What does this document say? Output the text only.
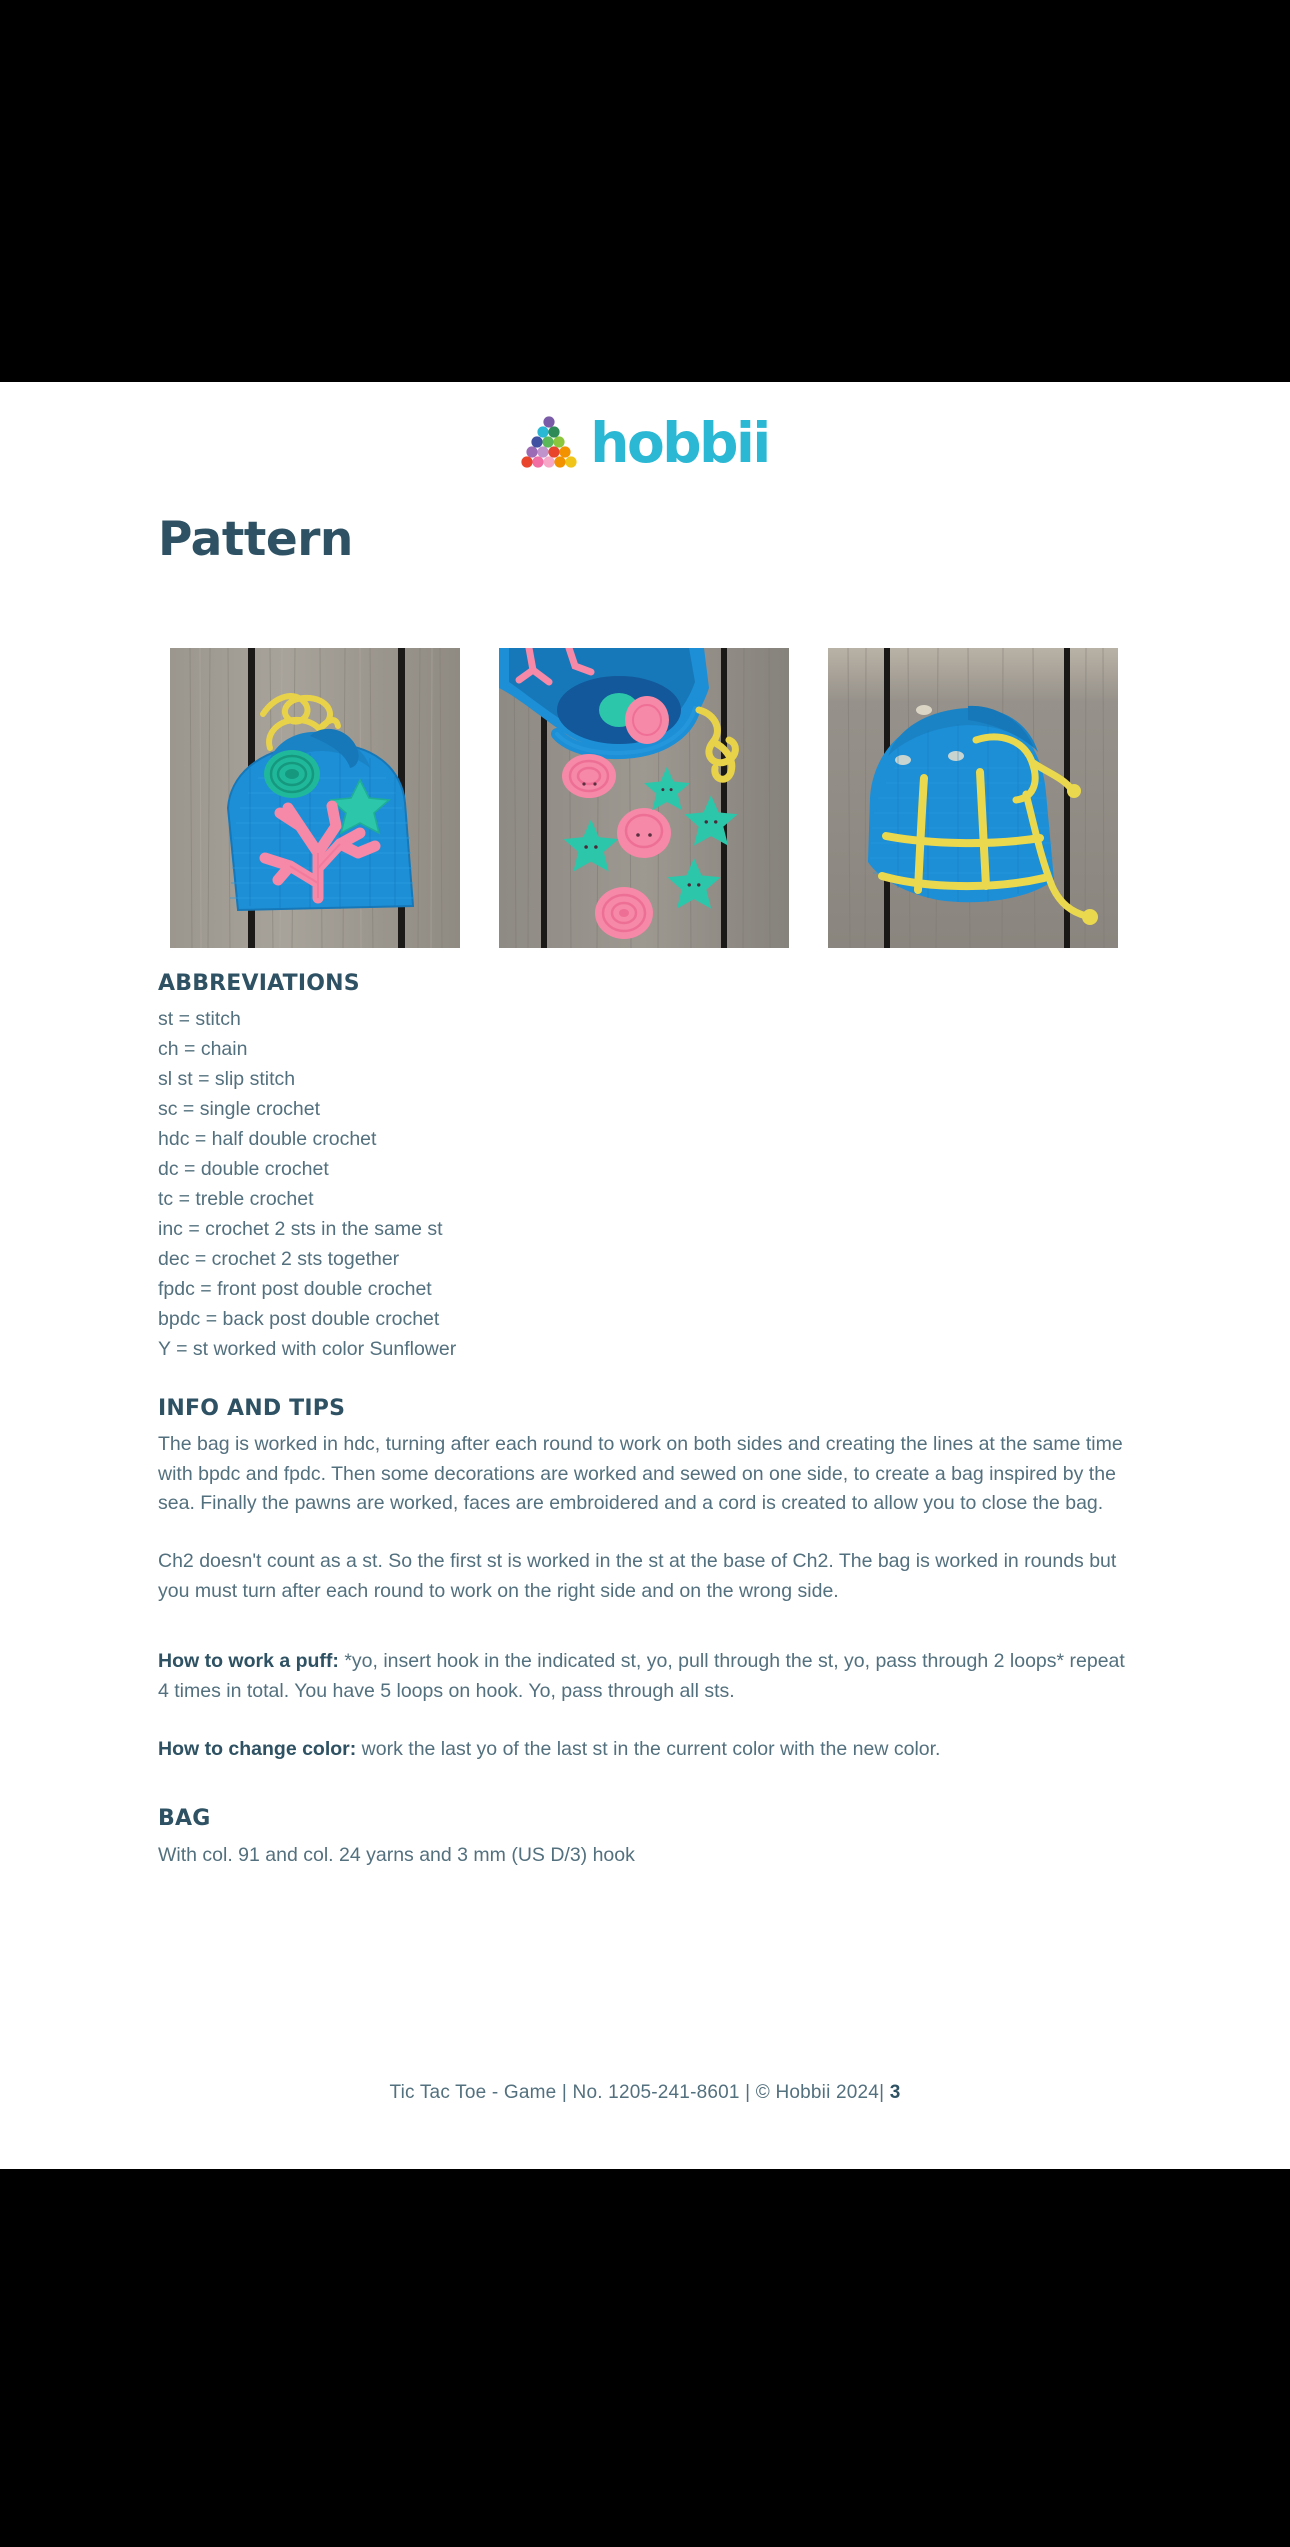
hobbii
Pattern
ABBREVIATIONS
st = stitch
ch = chain
sl st = slip stitch
sc = single crochet
hdc = half double crochet
dc = double crochet
tc = treble crochet
inc = crochet 2 sts in the same st
dec = crochet 2 sts together
fpdc = front post double crochet
bpdc = back post double crochet
Y = st worked with color Sunflower
INFO AND TIPS
The bag is worked in hdc, turning after each round to work on both sides and creating the lines at the same time with bpdc and fpdc. Then some decorations are worked and sewed on one side, to create a bag inspired by the sea. Finally the pawns are worked, faces are embroidered and a cord is created to allow you to close the bag.
Ch2 doesn't count as a st. So the first st is worked in the st at the base of Ch2. The bag is worked in rounds but you must turn after each round to work on the right side and on the wrong side.
How to work a puff: *yo, insert hook in the indicated st, yo, pull through the st, yo, pass through 2 loops* repeat 4 times in total. You have 5 loops on hook. Yo, pass through all sts.
How to change color: work the last yo of the last st in the current color with the new color.
BAG
With col. 91 and col. 24 yarns and 3 mm (US D/3) hook
Tic Tac Toe - Game | No. 1205-241-8601 | © Hobbii 2024| 3
